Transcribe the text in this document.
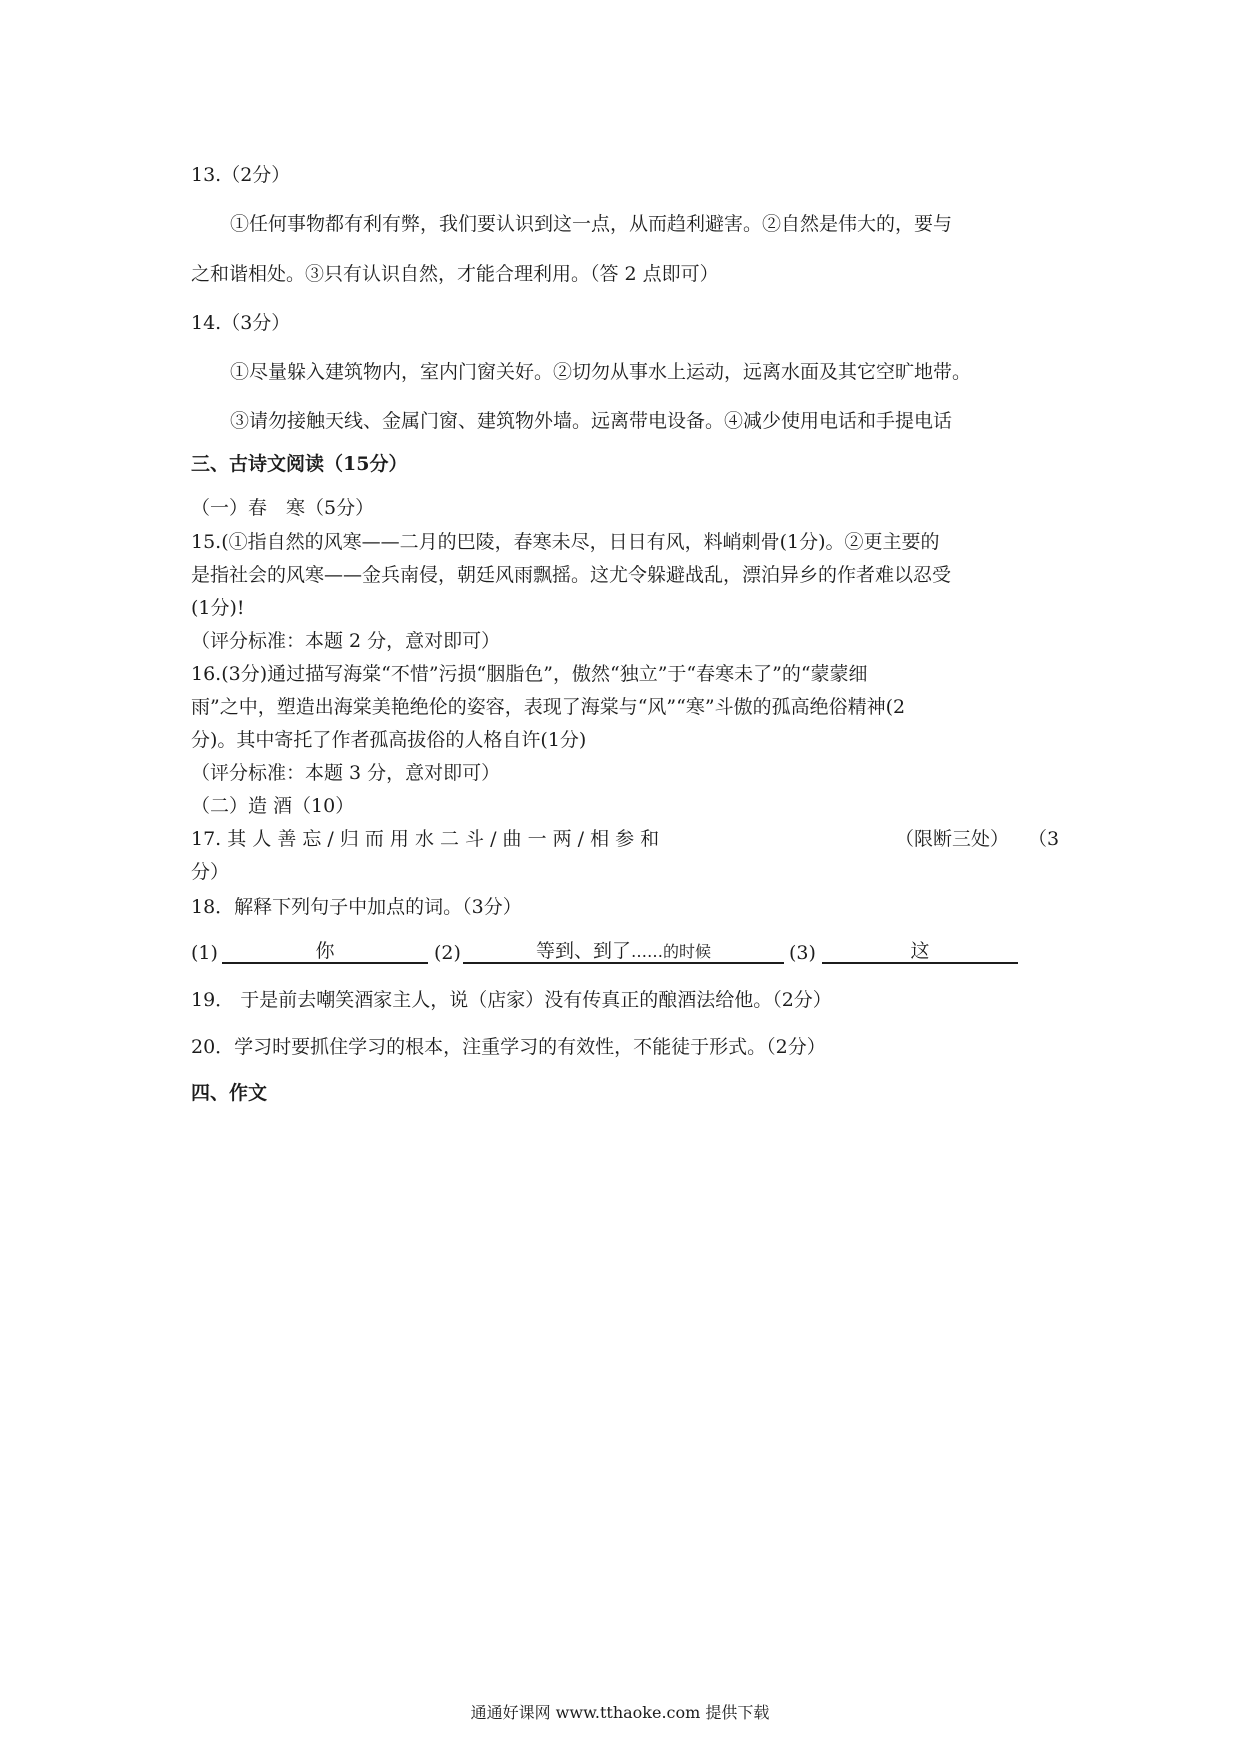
13.（2分）
①任何事物都有利有弊，我们要认识到这一点，从而趋利避害。②自然是伟大的，要与
之和谐相处。③只有认识自然，才能合理利用。（答 2 点即可）
14.（3分）
①尽量躲入建筑物内，室内门窗关好。②切勿从事水上运动，远离水面及其它空旷地带。
③请勿接触天线、金属门窗、建筑物外墙。远离带电设备。④减少使用电话和手提电话
三、古诗文阅读（15分）
（一）春　寒（5分）
15.(①指自然的风寒——二月的巴陵，春寒未尽，日日有风，料峭刺骨(1分)。②更主要的
是指社会的风寒——金兵南侵，朝廷风雨飘摇。这尤令躲避战乱，漂泊异乡的作者难以忍受
(1分)!
（评分标准：本题 2 分，意对即可）
16.(3分)通过描写海棠“不惜”污损“胭脂色”，傲然“独立”于“春寒未了”的“蒙蒙细
雨”之中，塑造出海棠美艳绝伦的姿容，表现了海棠与“风”“寒”斗傲的孤高绝俗精神(2
分)。其中寄托了作者孤高拔俗的人格自许(1分)
（评分标准：本题 3 分，意对即可）
（二）造 酒（10）
17. 其 人 善 忘 / 归 而 用 水 二 斗 / 曲 一 两 / 相 参 和	（限断三处） （3
分）
18．解释下列句子中加点的词。（3分）
(1)	你	(2)	等到、到了……的时候	(3)	这
19． 于是前去嘲笑酒家主人，说（店家）没有传真正的酿酒法给他。（2分）
20．学习时要抓住学习的根本，注重学习的有效性，不能徒于形式。（2分）
四、作文
通通好课网 www.tthaoke.com 提供下载
